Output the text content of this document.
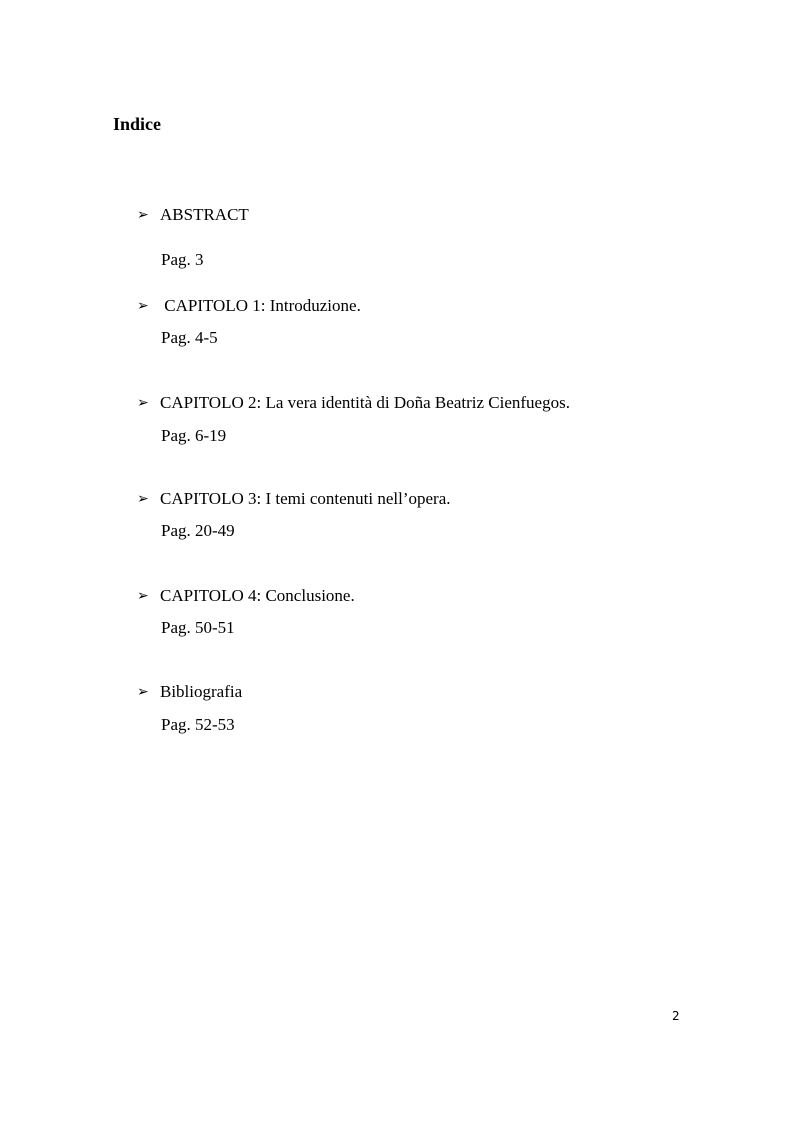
Indice
➢ ABSTRACT
Pag. 3
➢ CAPITOLO 1: Introduzione.
Pag. 4-5
➢ CAPITOLO 2: La vera identità di Doña Beatriz Cienfuegos.
Pag. 6-19
➢ CAPITOLO 3: I temi contenuti nell’opera.
Pag. 20-49
➢ CAPITOLO 4: Conclusione.
Pag. 50-51
➢ Bibliografia
Pag. 52-53
2
